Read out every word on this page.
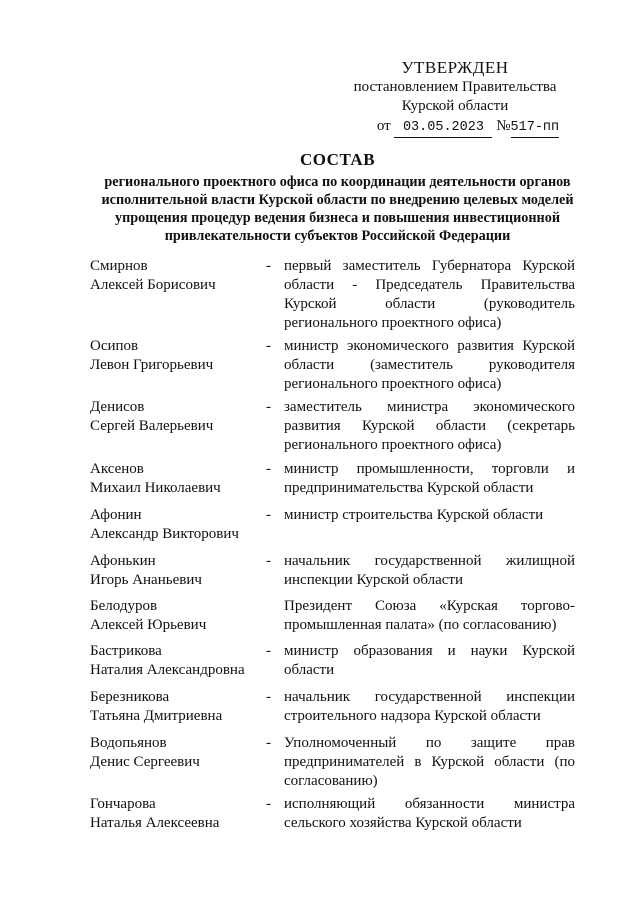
УТВЕРЖДЕН
постановлением Правительства
Курской области
от 03.05.2023 №517-пп
СОСТАВ
регионального проектного офиса по координации деятельности органов исполнительной власти Курской области по внедрению целевых моделей упрощения процедур ведения бизнеса и повышения инвестиционной привлекательности субъектов Российской Федерации
Смирнов
Алексей Борисович
- первый заместитель Губернатора Курской области - Председатель Правительства Курской области (руководитель регионального проектного офиса)
Осипов
Левон Григорьевич
- министр экономического развития Курской области (заместитель руководителя регионального проектного офиса)
Денисов
Сергей Валерьевич
- заместитель министра экономического развития Курской области (секретарь регионального проектного офиса)
Аксенов
Михаил Николаевич
- министр промышленности, торговли и предпринимательства Курской области
Афонин
Александр Викторович
- министр строительства Курской области
Афонькин
Игорь Ананьевич
- начальник государственной жилищной инспекции Курской области
Белодуров
Алексей Юрьевич
Президент Союза «Курская торгово-промышленная палата» (по согласованию)
Бастрикова
Наталия Александровна
- министр образования и науки Курской области
Березникова
Татьяна Дмитриевна
- начальник государственной инспекции строительного надзора Курской области
Водопьянов
Денис Сергеевич
- Уполномоченный по защите прав предпринимателей в Курской области (по согласованию)
Гончарова
Наталья Алексеевна
- исполняющий обязанности министра сельского хозяйства Курской области
